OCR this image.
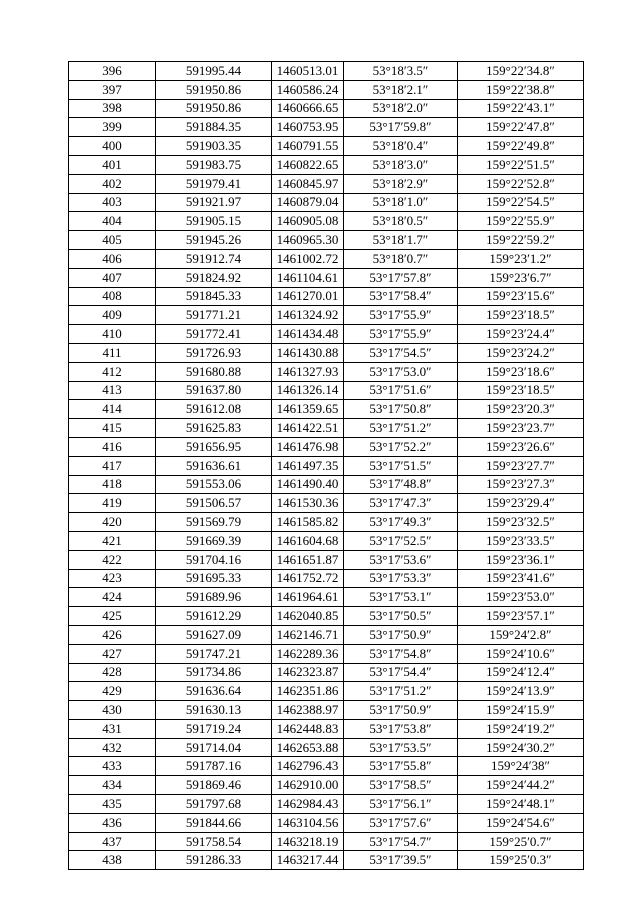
396	591995.44	1460513.01	53°18′3.5″	159°22′34.8″
397	591950.86	1460586.24	53°18′2.1″	159°22′38.8″
398	591950.86	1460666.65	53°18′2.0″	159°22′43.1″
399	591884.35	1460753.95	53°17′59.8″	159°22′47.8″
400	591903.35	1460791.55	53°18′0.4″	159°22′49.8″
401	591983.75	1460822.65	53°18′3.0″	159°22′51.5″
402	591979.41	1460845.97	53°18′2.9″	159°22′52.8″
403	591921.97	1460879.04	53°18′1.0″	159°22′54.5″
404	591905.15	1460905.08	53°18′0.5″	159°22′55.9″
405	591945.26	1460965.30	53°18′1.7″	159°22′59.2″
406	591912.74	1461002.72	53°18′0.7″	159°23′1.2″
407	591824.92	1461104.61	53°17′57.8″	159°23′6.7″
408	591845.33	1461270.01	53°17′58.4″	159°23′15.6″
409	591771.21	1461324.92	53°17′55.9″	159°23′18.5″
410	591772.41	1461434.48	53°17′55.9″	159°23′24.4″
411	591726.93	1461430.88	53°17′54.5″	159°23′24.2″
412	591680.88	1461327.93	53°17′53.0″	159°23′18.6″
413	591637.80	1461326.14	53°17′51.6″	159°23′18.5″
414	591612.08	1461359.65	53°17′50.8″	159°23′20.3″
415	591625.83	1461422.51	53°17′51.2″	159°23′23.7″
416	591656.95	1461476.98	53°17′52.2″	159°23′26.6″
417	591636.61	1461497.35	53°17′51.5″	159°23′27.7″
418	591553.06	1461490.40	53°17′48.8″	159°23′27.3″
419	591506.57	1461530.36	53°17′47.3″	159°23′29.4″
420	591569.79	1461585.82	53°17′49.3″	159°23′32.5″
421	591669.39	1461604.68	53°17′52.5″	159°23′33.5″
422	591704.16	1461651.87	53°17′53.6″	159°23′36.1″
423	591695.33	1461752.72	53°17′53.3″	159°23′41.6″
424	591689.96	1461964.61	53°17′53.1″	159°23′53.0″
425	591612.29	1462040.85	53°17′50.5″	159°23′57.1″
426	591627.09	1462146.71	53°17′50.9″	159°24′2.8″
427	591747.21	1462289.36	53°17′54.8″	159°24′10.6″
428	591734.86	1462323.87	53°17′54.4″	159°24′12.4″
429	591636.64	1462351.86	53°17′51.2″	159°24′13.9″
430	591630.13	1462388.97	53°17′50.9″	159°24′15.9″
431	591719.24	1462448.83	53°17′53.8″	159°24′19.2″
432	591714.04	1462653.88	53°17′53.5″	159°24′30.2″
433	591787.16	1462796.43	53°17′55.8″	159°24′38″
434	591869.46	1462910.00	53°17′58.5″	159°24′44.2″
435	591797.68	1462984.43	53°17′56.1″	159°24′48.1″
436	591844.66	1463104.56	53°17′57.6″	159°24′54.6″
437	591758.54	1463218.19	53°17′54.7″	159°25′0.7″
438	591286.33	1463217.44	53°17′39.5″	159°25′0.3″
